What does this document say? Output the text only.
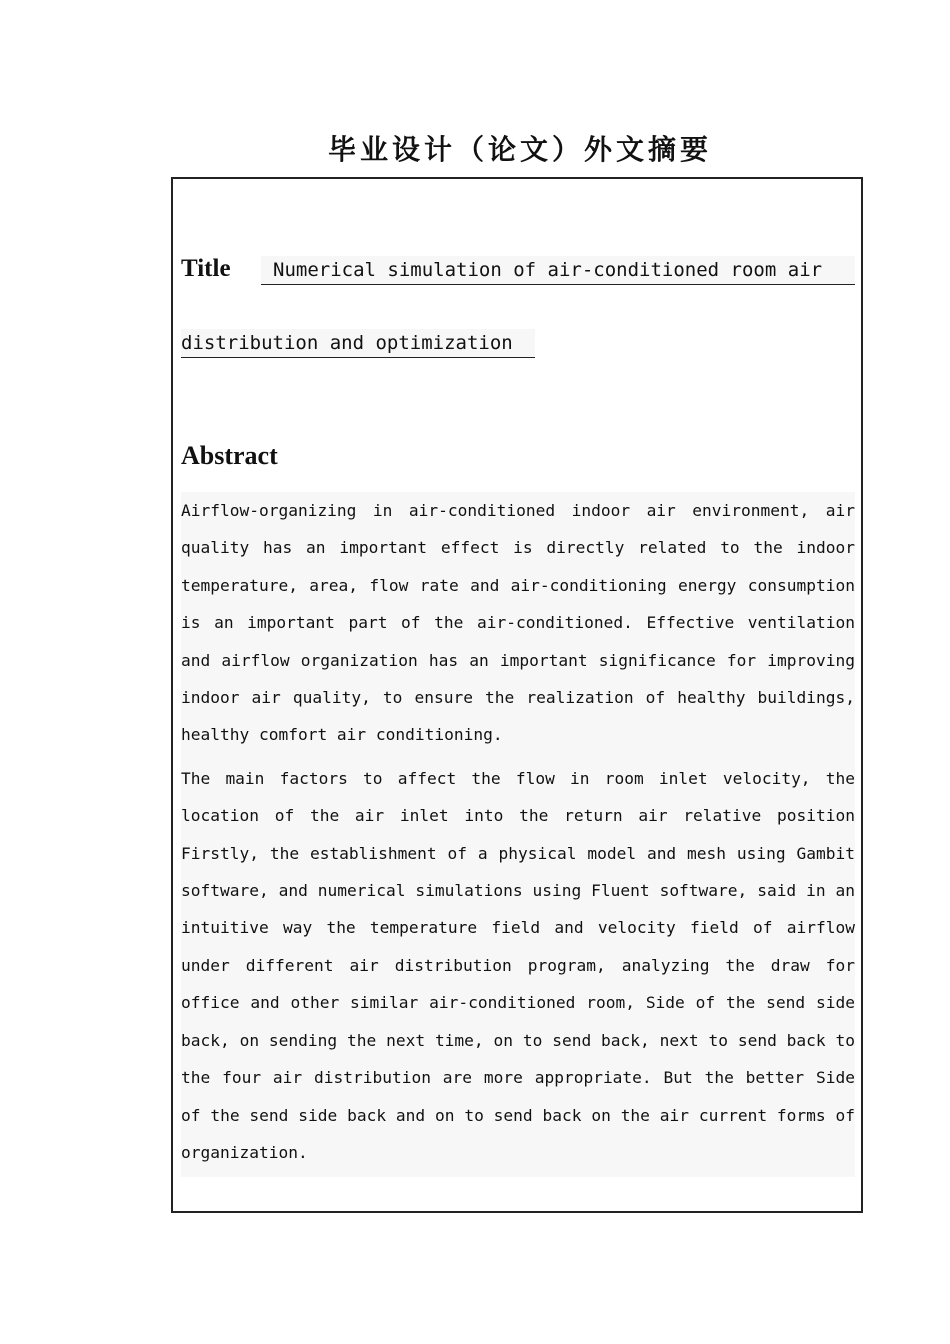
毕业设计（论文）外文摘要
Title	Numerical simulation of air-conditioned room air
distribution and optimization
Abstract

Airflow-organizing in air-conditioned indoor air environment, air quality has an important effect is directly related to the indoor temperature, area, flow rate and air-conditioning energy consumption is an important part of the air-conditioned. Effective ventilation and airflow organization has an important significance for improving indoor air quality, to ensure the realization of healthy buildings, healthy comfort air conditioning.

The main factors to affect the flow in room inlet velocity, the location of the air inlet into the return air relative position Firstly, the establishment of a physical model and mesh using Gambit software, and numerical simulations using Fluent software, said in an intuitive way the temperature field and velocity field of airflow under different air distribution program, analyzing the draw for office and other similar air-conditioned room, Side of the send side back, on sending the next time, on to send back, next to send back to the four air distribution are more appropriate. But the better Side of the send side back and on to send back on the air current forms of organization.
